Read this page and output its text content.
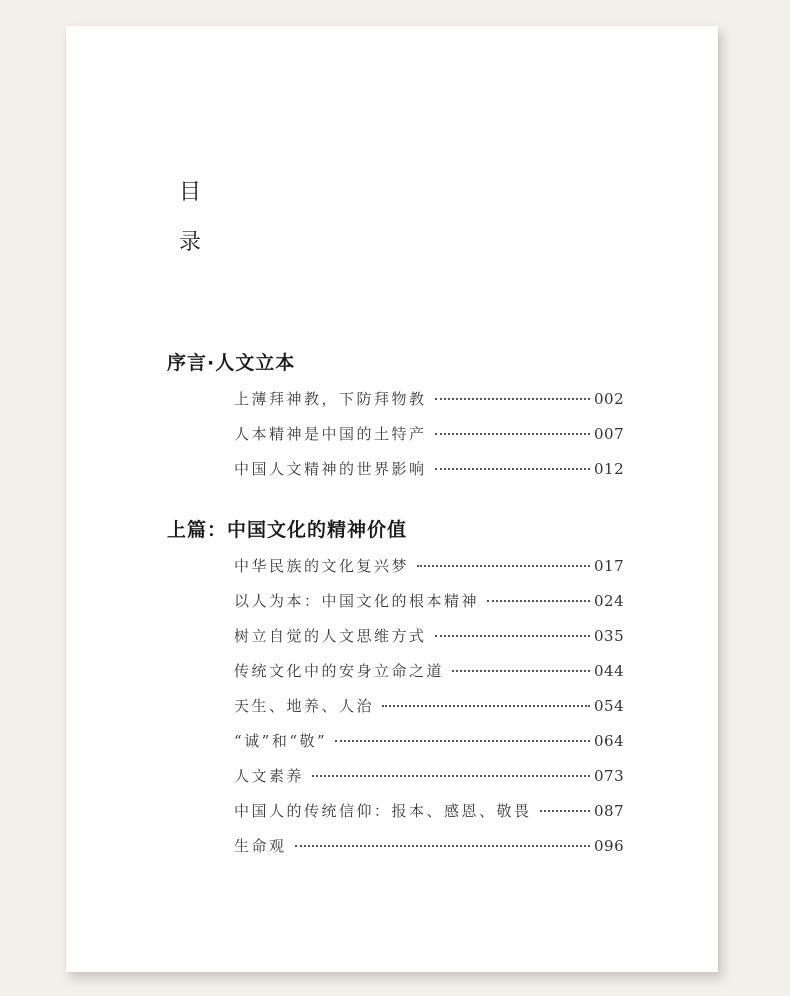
目
录
序言·人文立本
上薄拜神教，下防拜物教	002
人本精神是中国的土特产	007
中国人文精神的世界影响	012
上篇：中国文化的精神价值
中华民族的文化复兴梦	017
以人为本：中国文化的根本精神	024
树立自觉的人文思维方式	035
传统文化中的安身立命之道	044
天生、地养、人治	054
“诚”和“敬”	064
人文素养	073
中国人的传统信仰：报本、感恩、敬畏	087
生命观	096
